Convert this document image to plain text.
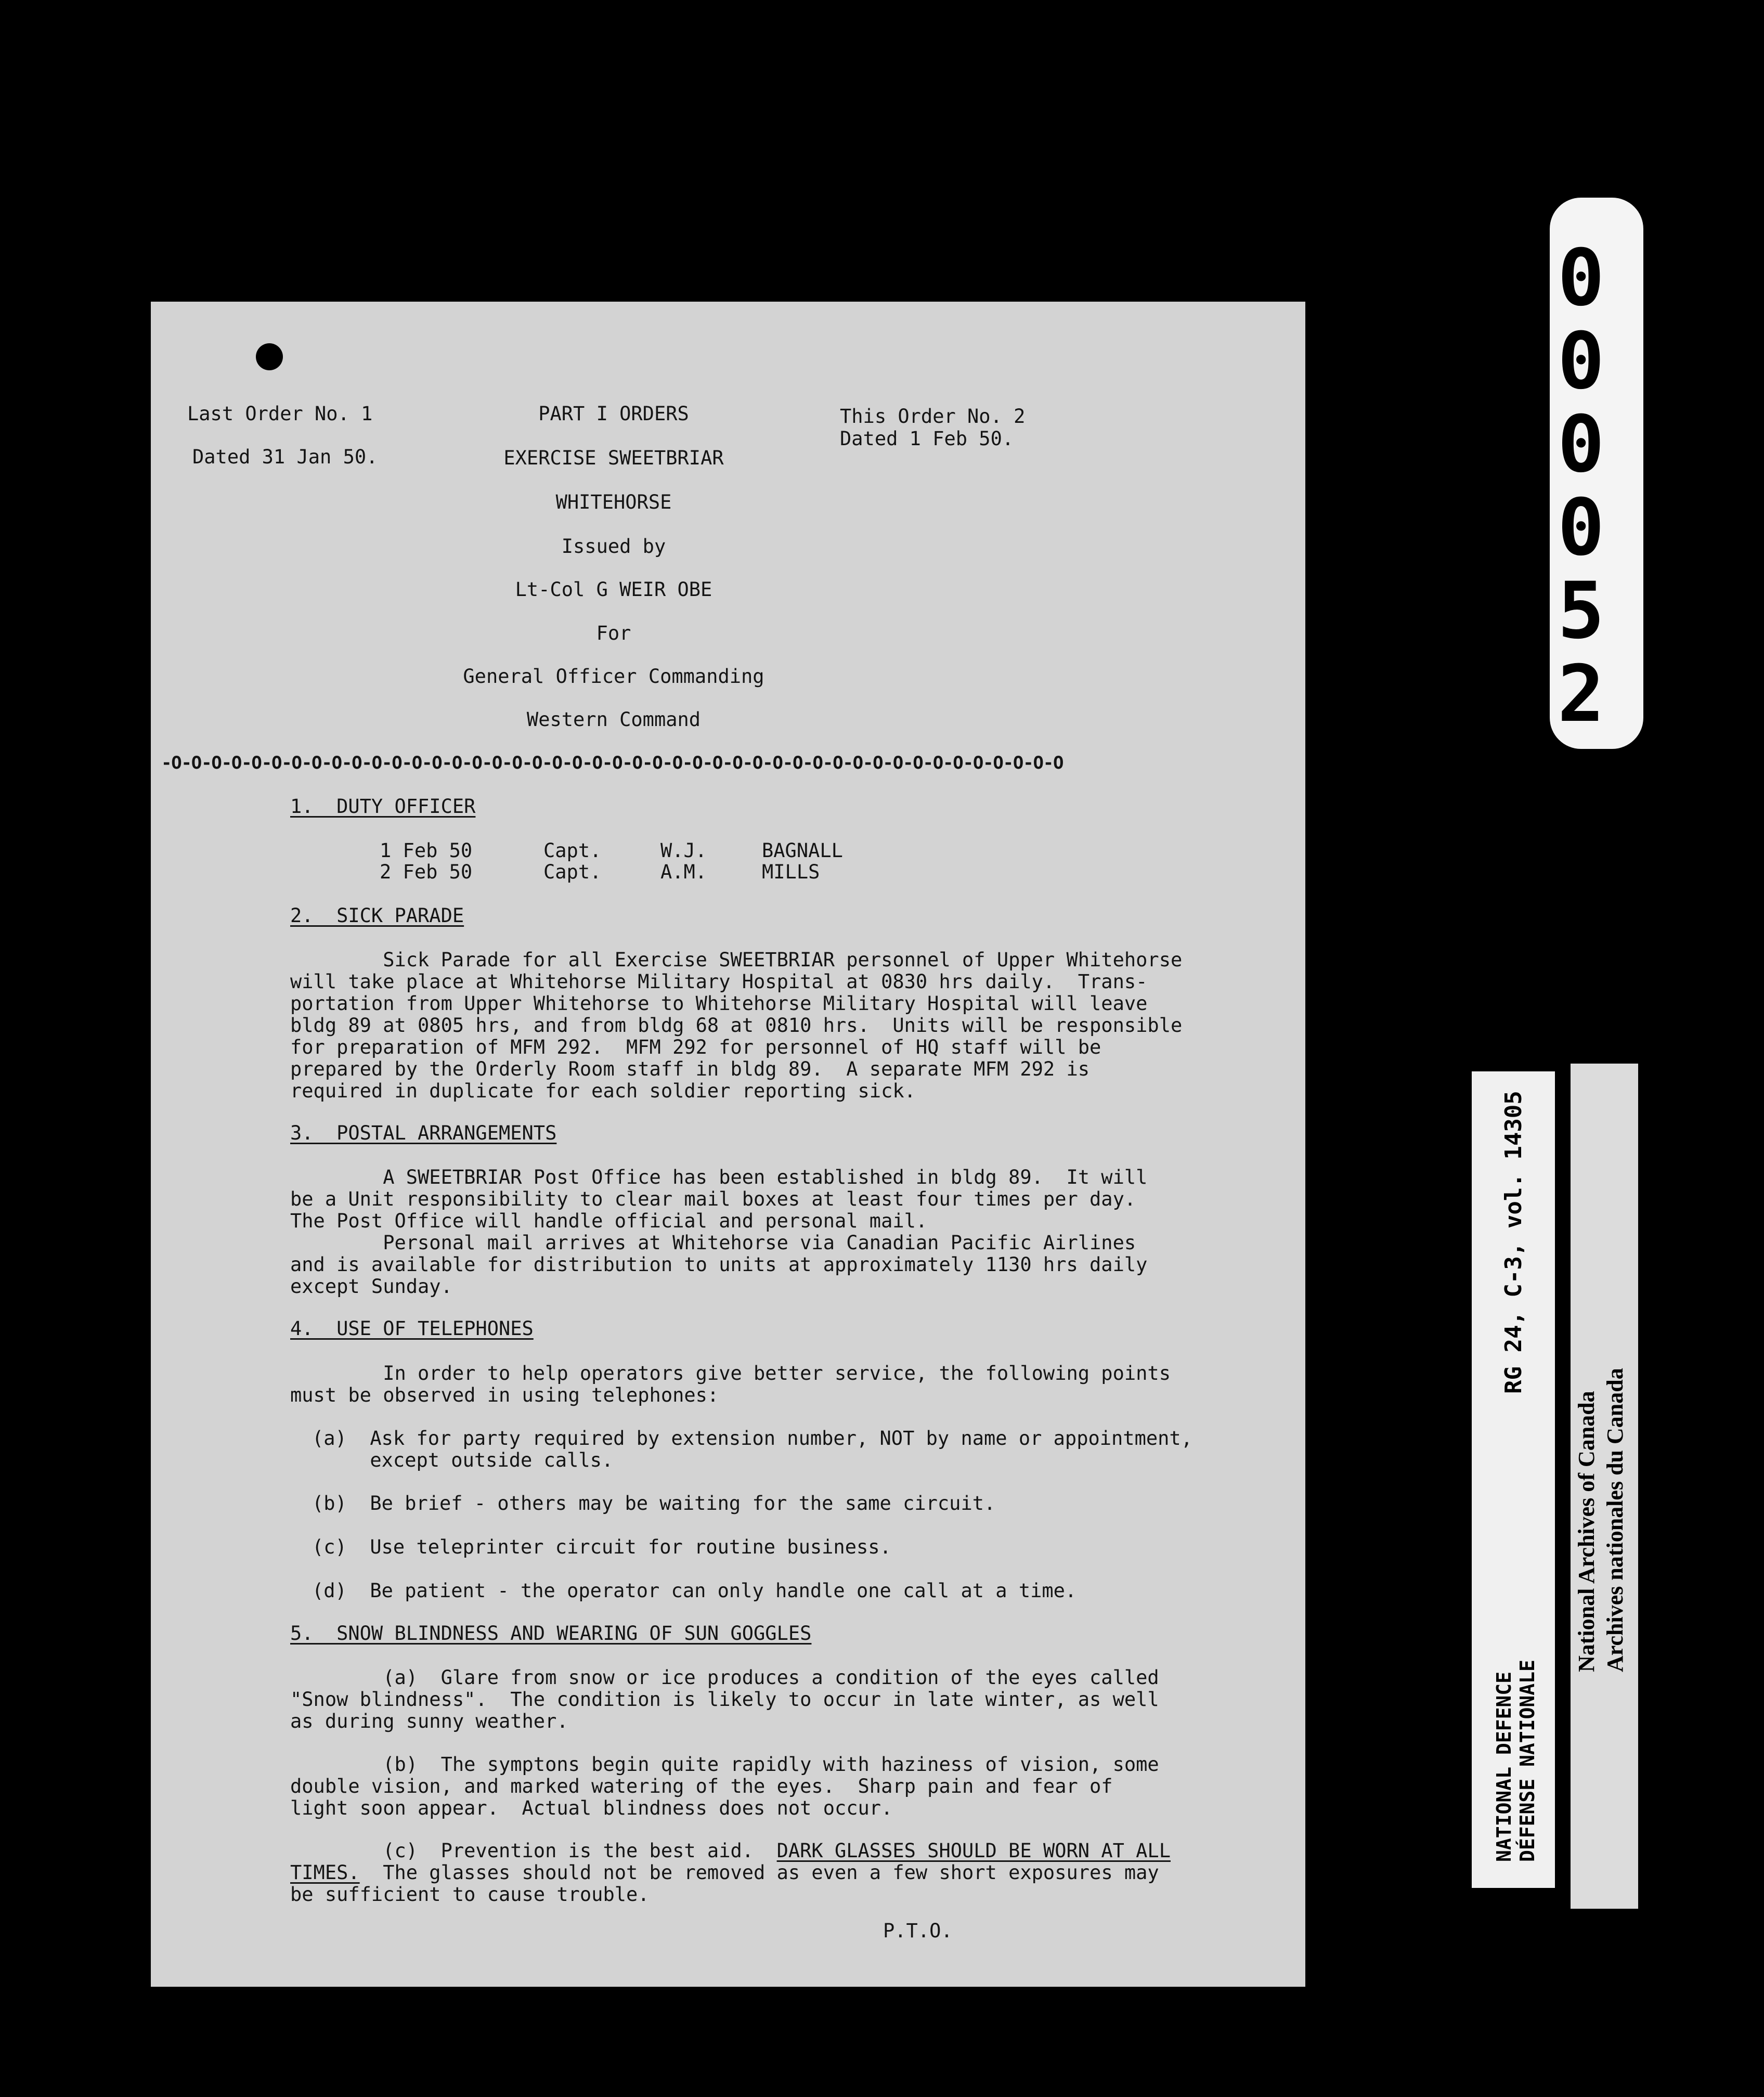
Last Order No. 1
Dated 31 Jan 50.
PART I ORDERS
EXERCISE SWEETBRIAR
WHITEHORSE
Issued by
Lt-Col G WEIR OBE
For
General Officer Commanding
Western Command
This Order No. 2
Dated 1 Feb 50.
-O-O-O-O-O-O-O-O-O-O-O-O-O-O-O-O-O-O-O-O-O-O-O-O-O-O-O-O-O-O-O-O-O-O-O-O-O-O-O-O-O-O-O-O-O
1.  DUTY OFFICER
1 Feb 50	Capt.	W.J.	BAGNALL
2 Feb 50	Capt.	A.M.	MILLS
2.  SICK PARADE
Sick Parade for all Exercise SWEETBRIAR personnel of Upper Whitehorse
will take place at Whitehorse Military Hospital at 0830 hrs daily.  Trans-
portation from Upper Whitehorse to Whitehorse Military Hospital will leave
bldg 89 at 0805 hrs, and from bldg 68 at 0810 hrs.  Units will be responsible
for preparation of MFM 292.  MFM 292 for personnel of HQ staff will be
prepared by the Orderly Room staff in bldg 89.  A separate MFM 292 is
required in duplicate for each soldier reporting sick.
3.  POSTAL ARRANGEMENTS
A SWEETBRIAR Post Office has been established in bldg 89.  It will
be a Unit responsibility to clear mail boxes at least four times per day.
The Post Office will handle official and personal mail.
Personal mail arrives at Whitehorse via Canadian Pacific Airlines
and is available for distribution to units at approximately 1130 hrs daily
except Sunday.
4.  USE OF TELEPHONES
In order to help operators give better service, the following points
must be observed in using telephones:
(a)  Ask for party required by extension number, NOT by name or appointment,
except outside calls.
(b)  Be brief - others may be waiting for the same circuit.
(c)  Use teleprinter circuit for routine business.
(d)  Be patient - the operator can only handle one call at a time.
5.  SNOW BLINDNESS AND WEARING OF SUN GOGGLES
(a)  Glare from snow or ice produces a condition of the eyes called
"Snow blindness".  The condition is likely to occur in late winter, as well
as during sunny weather.
(b)  The symptons begin quite rapidly with haziness of vision, some
double vision, and marked watering of the eyes.  Sharp pain and fear of
light soon appear.  Actual blindness does not occur.
(c)  Prevention is the best aid.  DARK GLASSES SHOULD BE WORN AT ALL
TIMES.  The glasses should not be removed as even a few short exposures may
be sufficient to cause trouble.
P.T.O.
0
0
0
0
5
2
RG 24, C-3, vol. 14305
NATIONAL DEFENCE DÉFENSE NATIONALE
National Archives of Canada Archives nationales du Canada
